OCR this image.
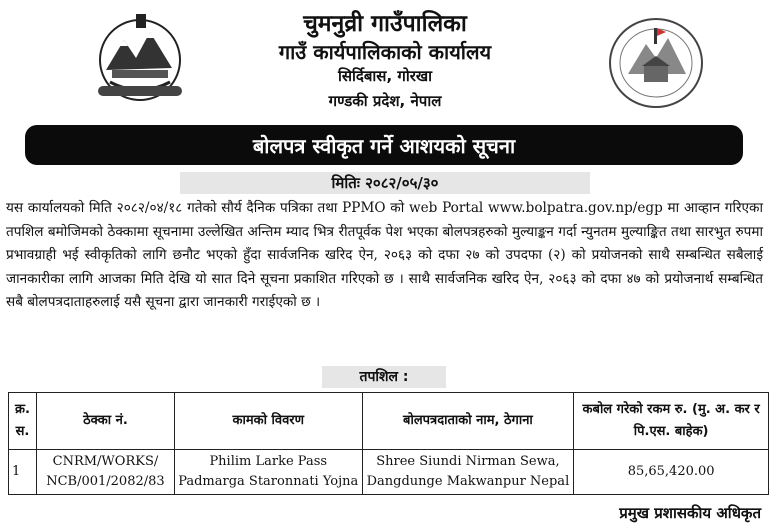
चुमनुव्री गाउँपालिका
गाउँ कार्यपालिकाको कार्यालय
सिर्दिबास, गोरखा
गण्डकी प्रदेश, नेपाल
बोलपत्र स्वीकृत गर्ने आशयको सूचना
मितिः २०८२/०५/३०

यस कार्यालयको मिति २०८२/०४/१८ गतेको सौर्य दैनिक पत्रिका तथा PPMO को web Portal www.bolpatra.gov.np/egp मा आव्हान गरिएका तपशिल बमोजिमको ठेक्कामा सूचनामा उल्लेखित अन्तिम म्याद भित्र रीतपूर्वक पेश भएका बोलपत्रहरुको मुल्याङ्कन गर्दा न्युनतम मुल्याङ्कित तथा सारभुत रुपमा प्रभावग्राही भई स्वीकृतिको लागि छनौट भएको हुँदा सार्वजनिक खरिद ऐन, २०६३ को दफा २७ को उपदफा (२) को प्रयोजनको साथै सम्बन्धित सबैलाई जानकारीका लागि आजका मिति देखि यो सात दिने सूचना प्रकाशित गरिएको छ । साथै सार्वजनिक खरिद ऐन, २०६३ को दफा ४७ को प्रयोजनार्थ सम्बन्धित सबै बोलपत्रदाताहरुलाई यसै सूचना द्वारा जानकारी गराईएको छ ।

तपशिल :
क्र. स.	ठेक्का नं.	कामको विवरण	बोलपत्रदाताको नाम, ठेगाना	कबोल गरेको रकम रु. (मु. अ. कर र पि.एस. बाहेक)
1	CNRM/WORKS/ NCB/001/2082/83	Philim Larke Pass Padmarga Staronnati Yojna	Shree Siundi Nirman Sewa, Dangdunge Makwanpur Nepal	85,65,420.00
प्रमुख प्रशासकीय अधिकृत
